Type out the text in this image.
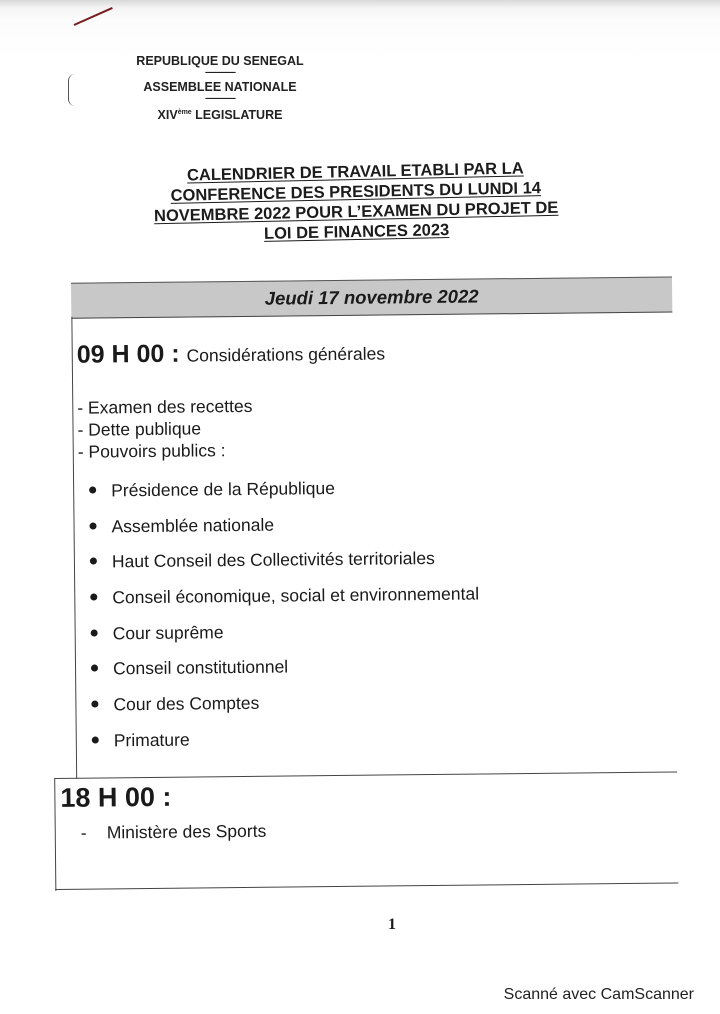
REPUBLIQUE DU SENEGAL

---------------

ASSEMBLEE NATIONALE

---------------

XIVème LEGISLATURE

CALENDRIER DE TRAVAIL ETABLI PAR LA

CONFERENCE DES PRESIDENTS DU LUNDI 14

NOVEMBRE 2022 POUR L’EXAMEN DU PROJET DE

LOI DE FINANCES 2023

Jeudi 17 novembre 2022
09 H 00 : Considérations générales
- Examen des recettes
- Dette publique
- Pouvoirs publics :
Présidence de la République
Assemblée nationale
Haut Conseil des Collectivités territoriales
Conseil économique, social et environnemental
Cour suprême
Conseil constitutionnel
Cour des Comptes
Primature
18 H 00 :
- Ministère des Sports
1
Scanné avec CamScanner
